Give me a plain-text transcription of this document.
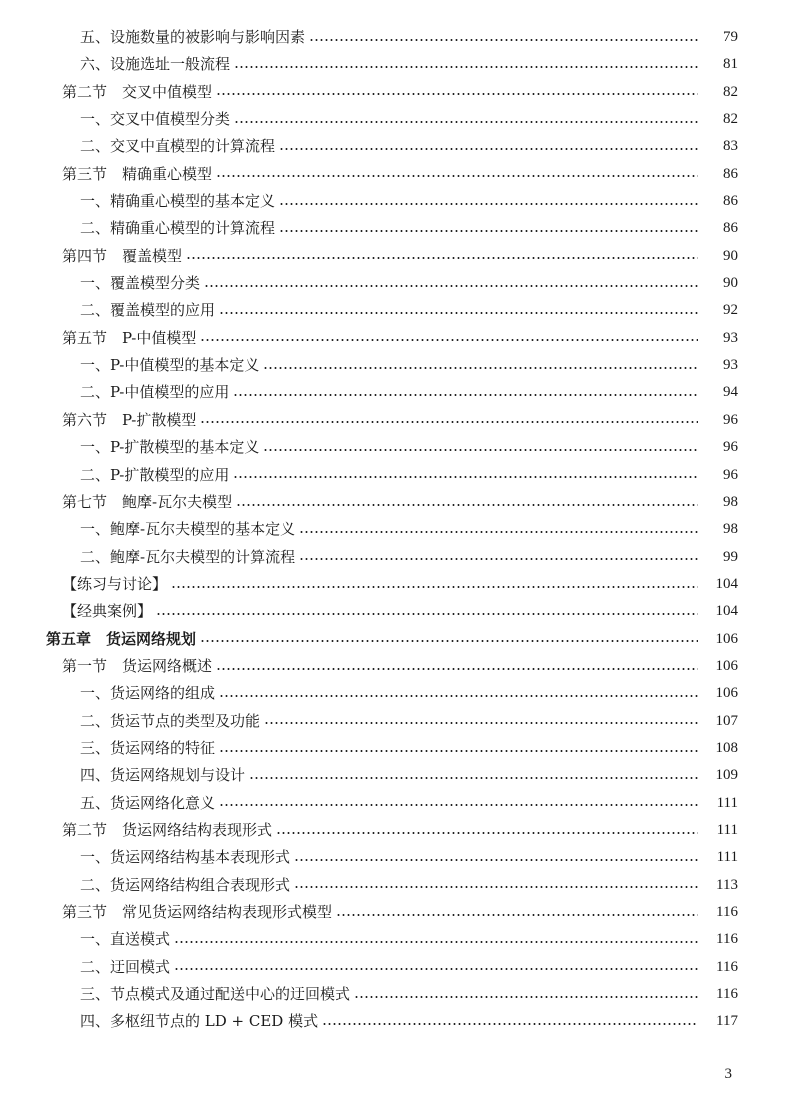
五、设施数量的被影响与影响因素	79
六、设施选址一般流程	81
第二节　交叉中值模型	82
一、交叉中值模型分类	82
二、交叉中直模型的计算流程	83
第三节　精确重心模型	86
一、精确重心模型的基本定义	86
二、精确重心模型的计算流程	86
第四节　覆盖模型	90
一、覆盖模型分类	90
二、覆盖模型的应用	92
第五节　P-中值模型	93
一、P-中值模型的基本定义	93
二、P-中值模型的应用	94
第六节　P-扩散模型	96
一、P-扩散模型的基本定义	96
二、P-扩散模型的应用	96
第七节　鲍摩-瓦尔夫模型	98
一、鲍摩-瓦尔夫模型的基本定义	98
二、鲍摩-瓦尔夫模型的计算流程	99
【练习与讨论】	104
【经典案例】	104
第五章　货运网络规划	106
第一节　货运网络概述	106
一、货运网络的组成	106
二、货运节点的类型及功能	107
三、货运网络的特征	108
四、货运网络规划与设计	109
五、货运网络化意义	111
第二节　货运网络结构表现形式	111
一、货运网络结构基本表现形式	111
二、货运网络结构组合表现形式	113
第三节　常见货运网络结构表现形式模型	116
一、直送模式	116
二、迂回模式	116
三、节点模式及通过配送中心的迂回模式	116
四、多枢纽节点的 LD + CED 模式	117
3
